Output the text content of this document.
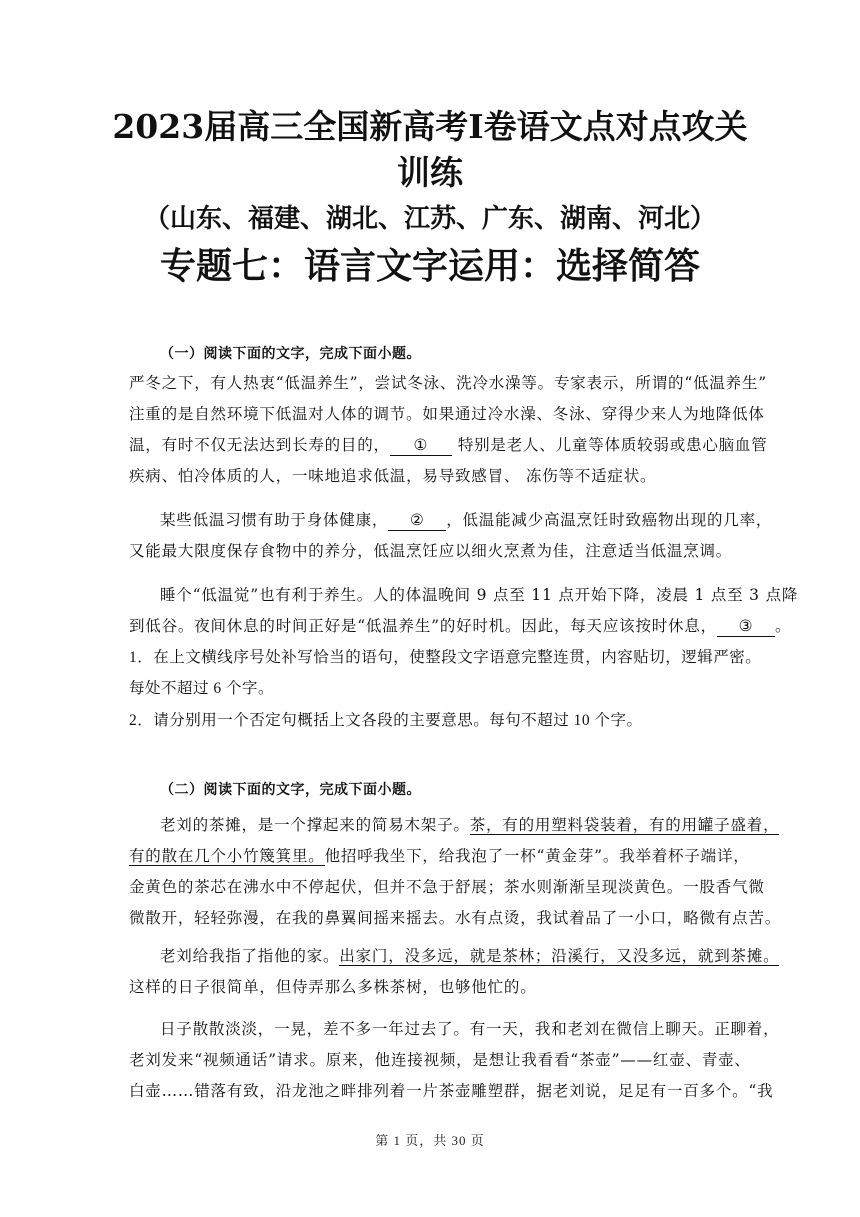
2023届高三全国新高考Ⅰ卷语文点对点攻关
训练
（山东、福建、湖北、江苏、广东、湖南、河北）
专题七：语言文字运用：选择简答
（一）阅读下面的文字，完成下面小题。
严冬之下，有人热衷“低温养生”，尝试冬泳、洗冷水澡等。专家表示，所谓的“低温养生”
注重的是自然环境下低温对人体的调节。如果通过冷水澡、冬泳、穿得少来人为地降低体
温，有时不仅无法达到长寿的目的， ① 特别是老人、儿童等体质较弱或患心脑血管
疾病、怕冷体质的人，一味地追求低温，易导致感冒、 冻伤等不适症状。
某些低温习惯有助于身体健康， ② ，低温能减少高温烹饪时致癌物出现的几率，
又能最大限度保存食物中的养分，低温烹饪应以细火烹煮为佳，注意适当低温烹调。
睡个“低温觉”也有利于养生。人的体温晚间 9 点至 11 点开始下降，凌晨 1 点至 3 点降
到低谷。夜间休息的时间正好是“低温养生”的好时机。因此，每天应该按时休息， ③ 。
1．在上文横线序号处补写恰当的语句，使整段文字语意完整连贯，内容贴切，逻辑严密。
每处不超过 6 个字。
2．请分别用一个否定句概括上文各段的主要意思。每句不超过 10 个字。
（二）阅读下面的文字，完成下面小题。
老刘的茶摊，是一个撑起来的简易木架子。茶，有的用塑料袋装着，有的用罐子盛着，
有的散在几个小竹篾箕里。他招呼我坐下，给我泡了一杯“黄金芽”。我举着杯子端详，
金黄色的茶芯在沸水中不停起伏，但并不急于舒展；茶水则渐渐呈现淡黄色。一股香气微
微散开，轻轻弥漫，在我的鼻翼间摇来摇去。水有点烫，我试着品了一小口，略微有点苦。
老刘给我指了指他的家。出家门，没多远，就是茶林；沿溪行，又没多远，就到茶摊。
这样的日子很简单，但侍弄那么多株茶树，也够他忙的。
日子散散淡淡，一晃，差不多一年过去了。有一天，我和老刘在微信上聊天。正聊着，
老刘发来“视频通话”请求。原来，他连接视频，是想让我看看“茶壶”——红壶、青壶、
白壶……错落有致，沿龙池之畔排列着一片茶壶雕塑群，据老刘说，足足有一百多个。“我
第 1 页，共 30 页
